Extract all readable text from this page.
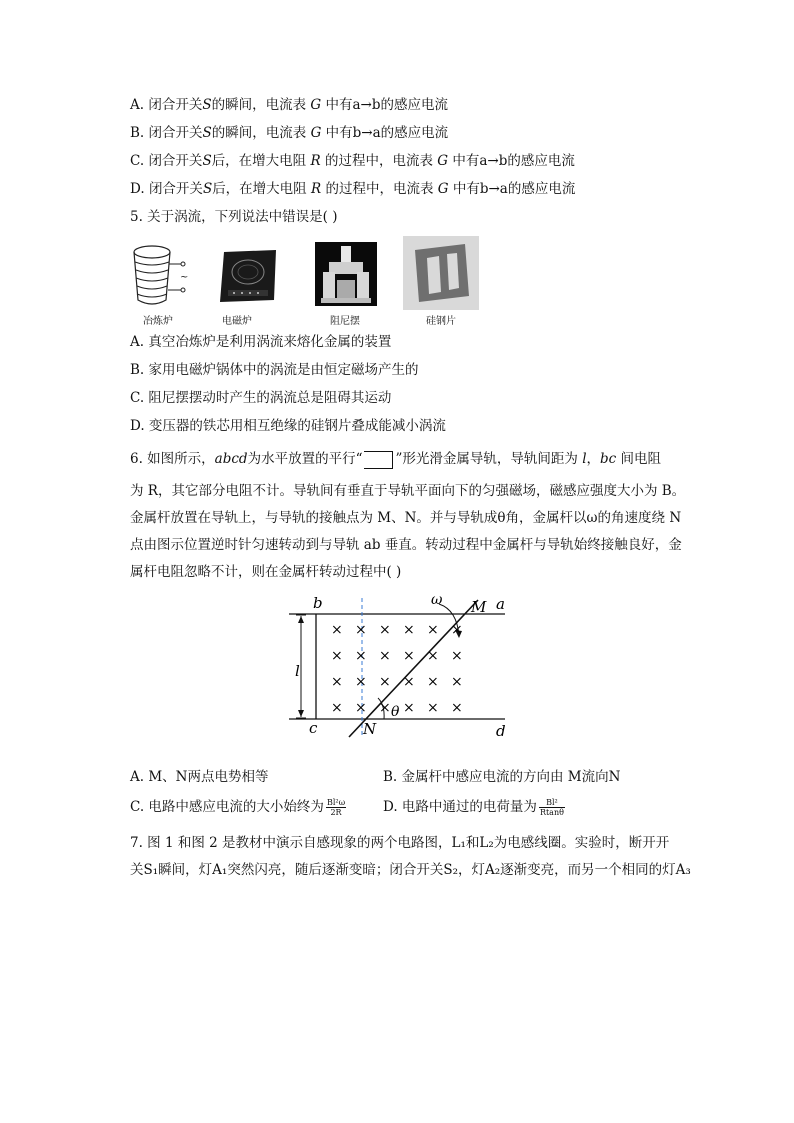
A. 闭合开关S的瞬间，电流表 G 中有a→b的感应电流
B. 闭合开关S的瞬间，电流表 G 中有b→a的感应电流
C. 闭合开关S后，在增大电阻 R 的过程中，电流表 G 中有a→b的感应电流
D. 闭合开关S后，在增大电阻 R 的过程中，电流表 G 中有b→a的感应电流
5. 关于涡流，下列说法中错误是( )
~
冶炼炉	电磁炉	阻尼摆	硅钢片
A. 真空冶炼炉是利用涡流来熔化金属的装置
B. 家用电磁炉锅体中的涡流是由恒定磁场产生的
C. 阻尼摆摆动时产生的涡流总是阻碍其运动
D. 变压器的铁芯用相互绝缘的硅钢片叠成能减小涡流
6. 如图所示，abcd为水平放置的平行“ ”形光滑金属导轨，导轨间距为 l，bc 间电阻
为 R，其它部分电阻不计。导轨间有垂直于导轨平面向下的匀强磁场，磁感应强度大小为 B。
金属杆放置在导轨上，与导轨的接触点为 M、N。并与导轨成θ角，金属杆以ω的角速度绕 N
点由图示位置逆时针匀速转动到与导轨 ab 垂直。转动过程中金属杆与导轨始终接触良好，金
属杆电阻忽略不计，则在金属杆转动过程中( )
× × × × × ×
× × × × × ×
× × × × × ×
× × × × × ×
b	a
c	d
M
N
l
ω
θ
A. M、N两点电势相等	B. 金属杆中感应电流的方向由 M流向N
C. 电路中感应电流的大小始终为 $\frac{\text{Bl²ω}}{2R}$	D. 电路中通过的电荷量为 $\frac{\text{Bl²}}{Rtan\theta}$
7. 图 1 和图 2 是教材中演示自感现象的两个电路图，L₁和L₂为电感线圈。实验时，断开开
关S₁瞬间，灯A₁突然闪亮，随后逐渐变暗；闭合开关S₂，灯A₂逐渐变亮，而另一个相同的灯A₃
